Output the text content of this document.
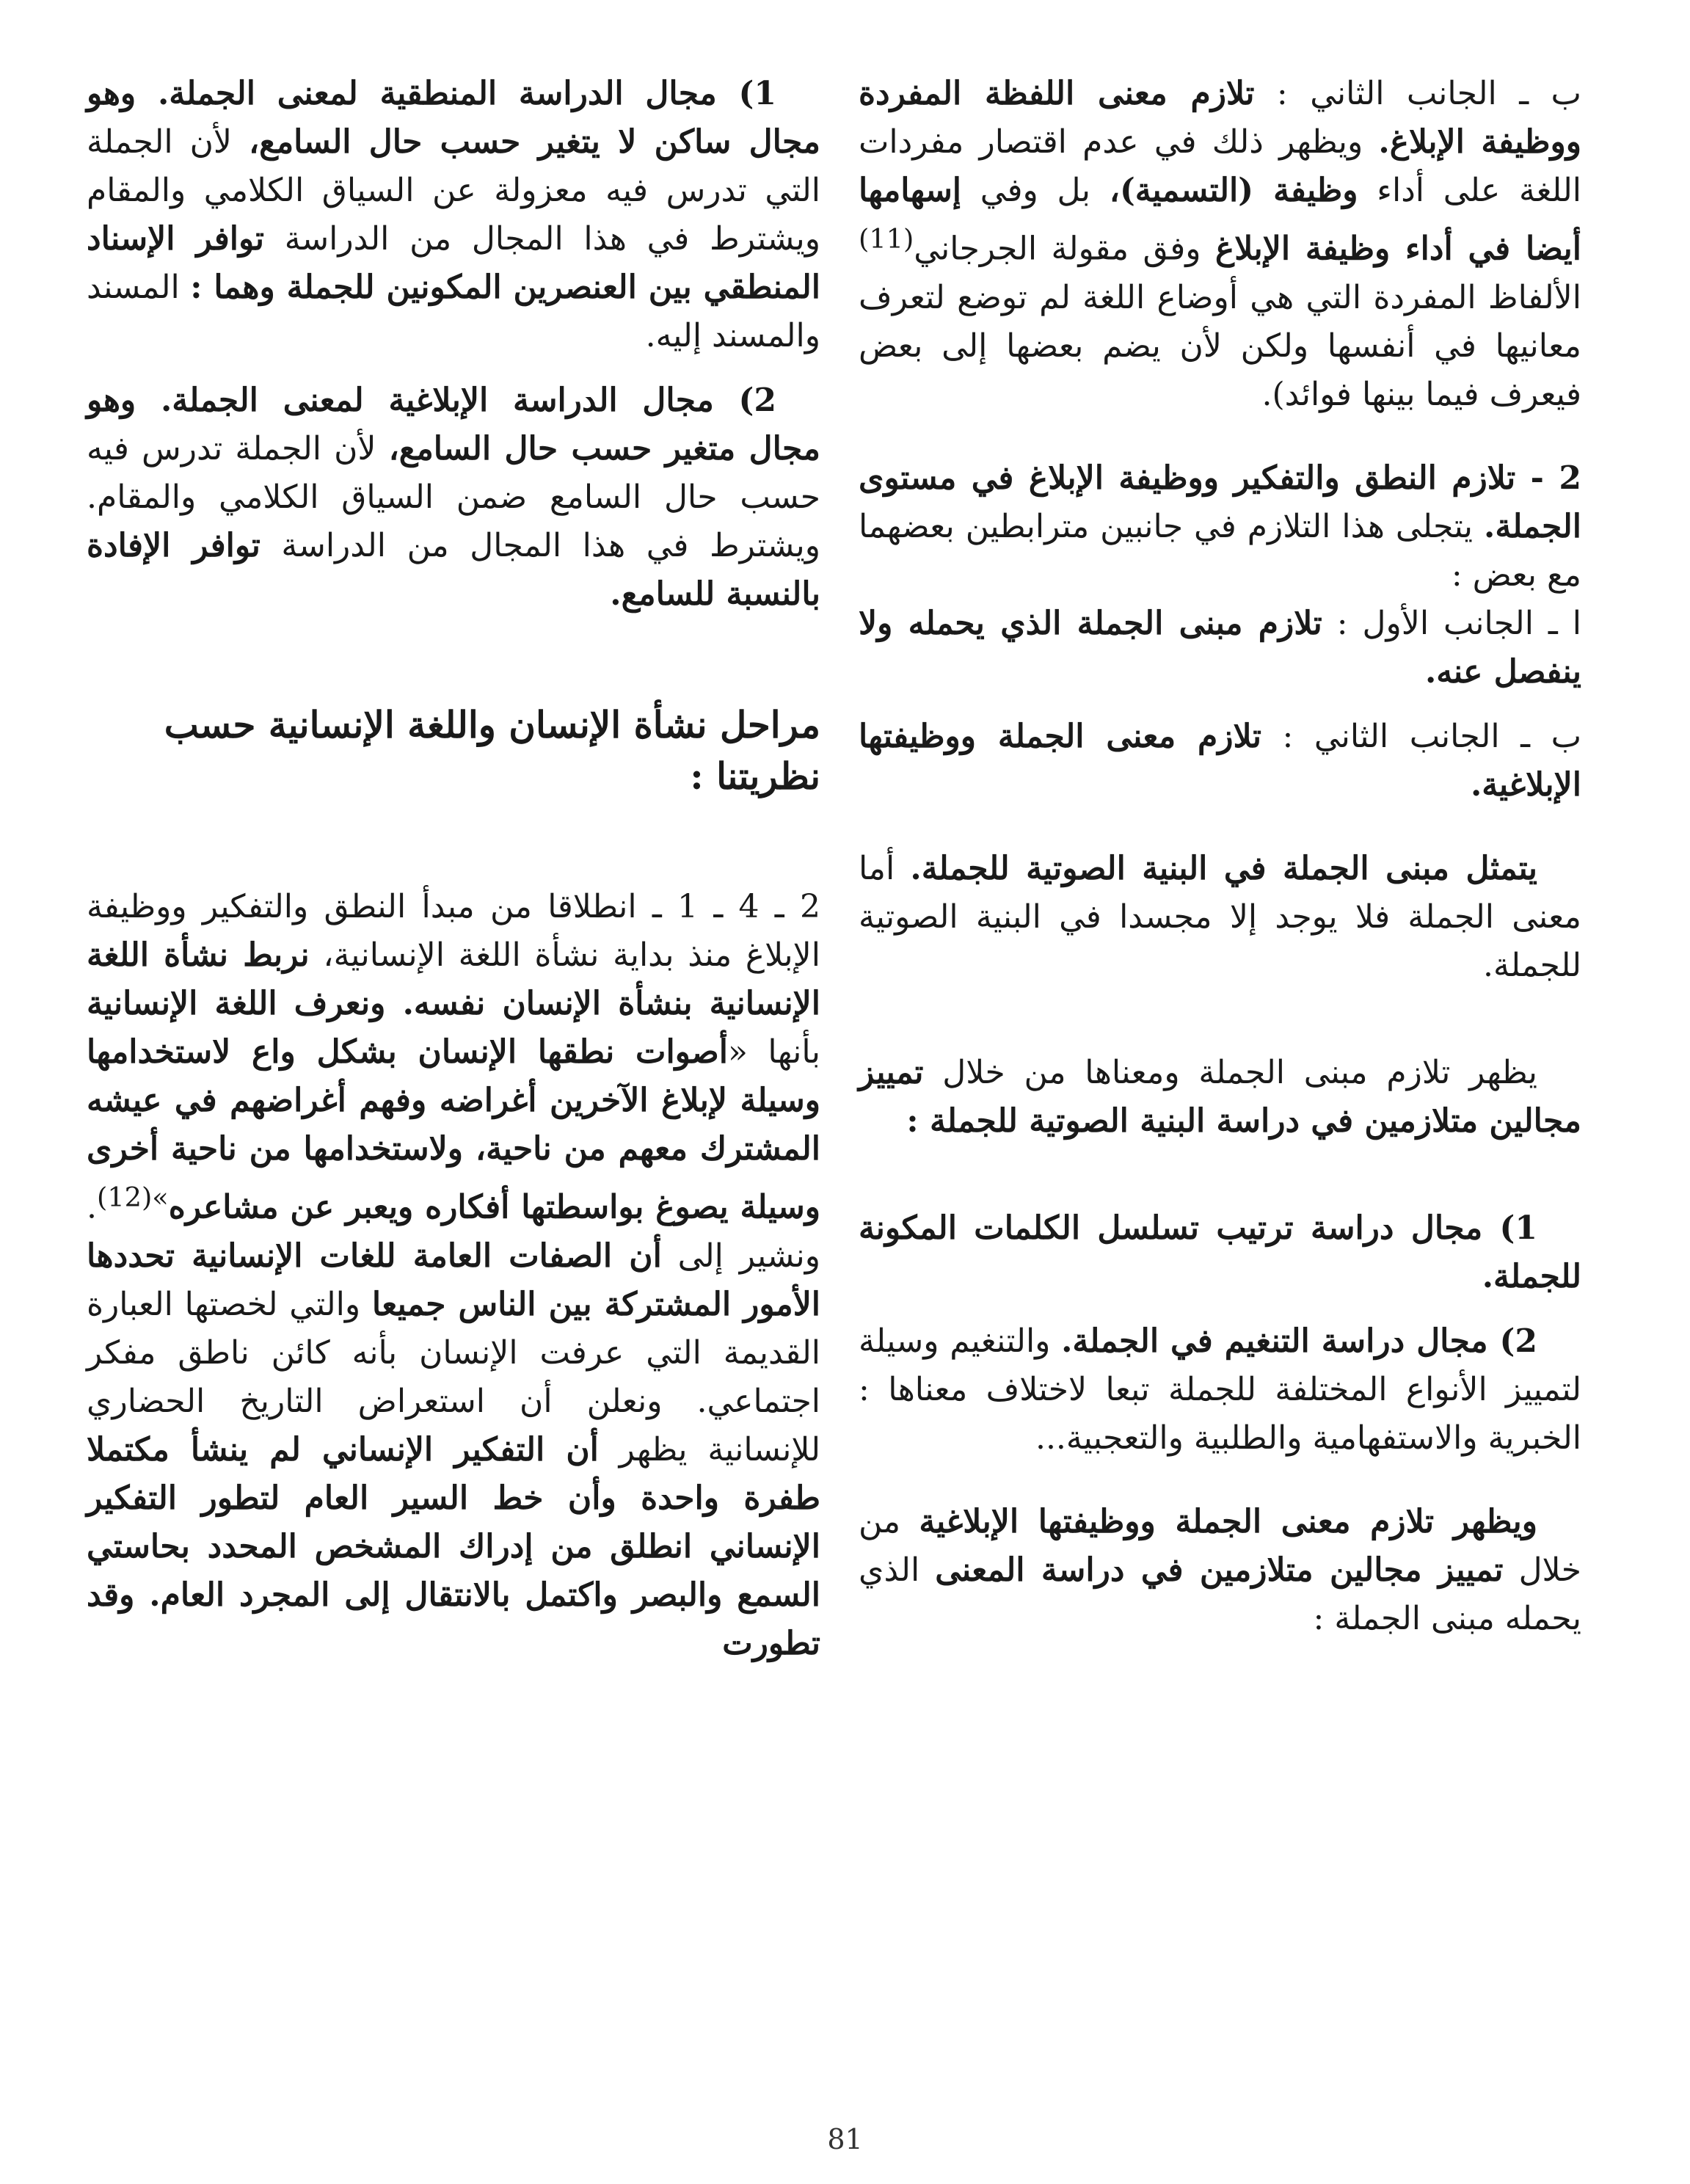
ب ـ الجانب الثاني : تلازم معنى اللفظة المفردة ووظيفة الإبلاغ. ويظهر ذلك في عدم اقتصار مفردات اللغة على أداء وظيفة (التسمية)، بل وفي إسهامها أيضا في أداء وظيفة الإبلاغ وفق مقولة الجرجاني$^{(11)}$ الألفاظ المفردة التي هي أوضاع اللغة لم توضع لتعرف معانيها في أنفسها ولكن لأن يضم بعضها إلى بعض فيعرف فيما بينها فوائد).

2 - تلازم النطق والتفكير ووظيفة الإبلاغ في مستوى الجملة. يتجلى هذا التلازم في جانبين مترابطين بعضهما مع بعض :

ا ـ الجانب الأول : تلازم مبنى الجملة الذي يحمله ولا ينفصل عنه.

ب ـ الجانب الثاني : تلازم معنى الجملة ووظيفتها الإبلاغية.

يتمثل مبنى الجملة في البنية الصوتية للجملة. أما معنى الجملة فلا يوجد إلا مجسدا في البنية الصوتية للجملة.

يظهر تلازم مبنى الجملة ومعناها من خلال تمييز مجالين متلازمين في دراسة البنية الصوتية للجملة :

1) مجال دراسة ترتيب تسلسل الكلمات المكونة للجملة.

2) مجال دراسة التنغيم في الجملة. والتنغيم وسيلة لتمييز الأنواع المختلفة للجملة تبعا لاختلاف معناها : الخبرية والاستفهامية والطلبية والتعجبية...

ويظهر تلازم معنى الجملة ووظيفتها الإبلاغية من خلال تمييز مجالين متلازمين في دراسة المعنى الذي يحمله مبنى الجملة :

1) مجال الدراسة المنطقية لمعنى الجملة. وهو مجال ساكن لا يتغير حسب حال السامع، لأن الجملة التي تدرس فيه معزولة عن السياق الكلامي والمقام ويشترط في هذا المجال من الدراسة توافر الإسناد المنطقي بين العنصرين المكونين للجملة وهما : المسند والمسند إليه.

2) مجال الدراسة الإبلاغية لمعنى الجملة. وهو مجال متغير حسب حال السامع، لأن الجملة تدرس فيه حسب حال السامع ضمن السياق الكلامي والمقام. ويشترط في هذا المجال من الدراسة توافر الإفادة بالنسبة للسامع.

مراحل نشأة الإنسان واللغة الإنسانية حسب نظريتنا :

2 ـ 4 ـ 1 ـ انطلاقا من مبدأ النطق والتفكير ووظيفة الإبلاغ منذ بداية نشأة اللغة الإنسانية، نربط نشأة اللغة الإنسانية بنشأة الإنسان نفسه. ونعرف اللغة الإنسانية بأنها «أصوات نطقها الإنسان بشكل واع لاستخدامها وسيلة لإبلاغ الآخرين أغراضه وفهم أغراضهم في عيشه المشترك معهم من ناحية، ولاستخدامها من ناحية أخرى وسيلة يصوغ بواسطتها أفكاره ويعبر عن مشاعره$^{»(12)}$. ونشير إلى أن الصفات العامة للغات الإنسانية تحددها الأمور المشتركة بين الناس جميعا والتي لخصتها العبارة القديمة التي عرفت الإنسان بأنه كائن ناطق مفكر اجتماعي. ونعلن أن استعراض التاريخ الحضاري للإنسانية يظهر أن التفكير الإنساني لم ينشأ مكتملا طفرة واحدة وأن خط السير العام لتطور التفكير الإنساني انطلق من إدراك المشخص المحدد بحاستي السمع والبصر واكتمل بالانتقال إلى المجرد العام. وقد تطورت

81
